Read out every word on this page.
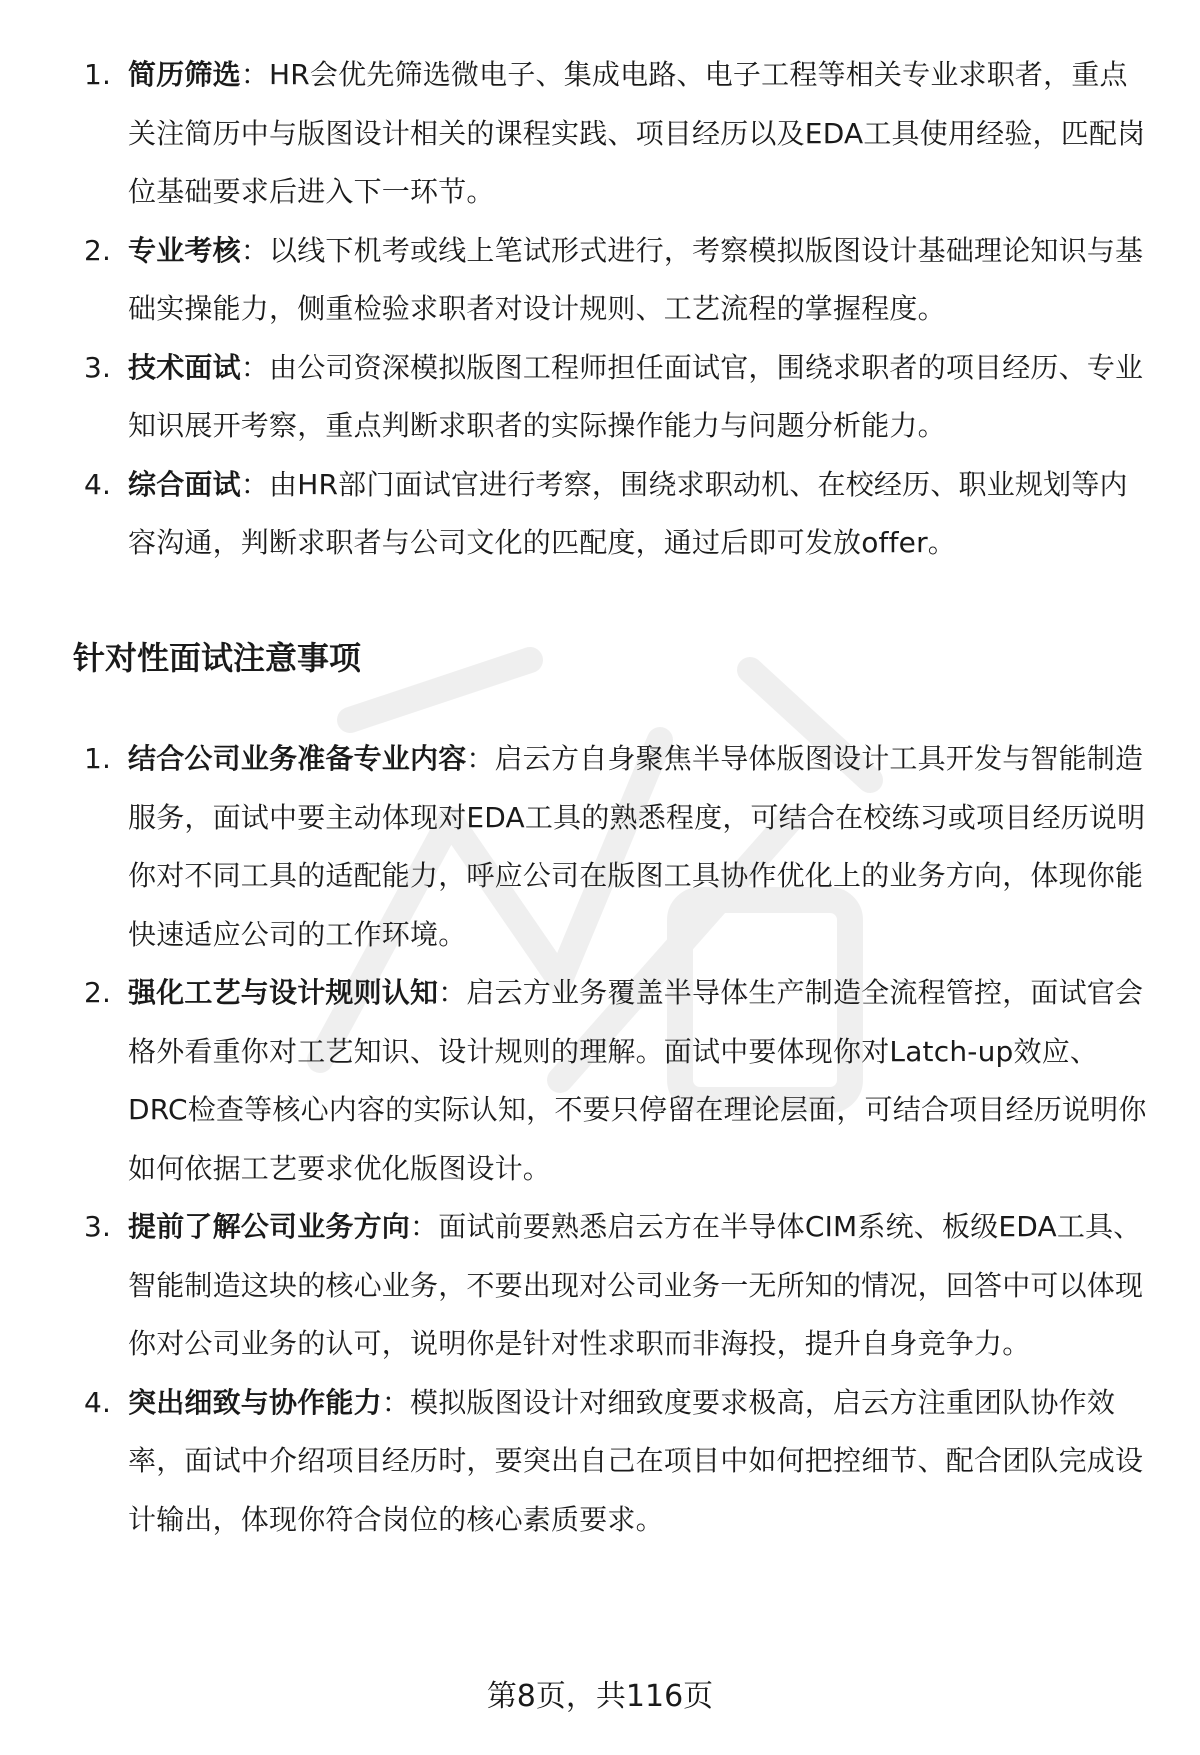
1. 简历筛选：HR会优先筛选微电子、集成电路、电子工程等相关专业求职者，重点关注简历中与版图设计相关的课程实践、项目经历以及EDA工具使用经验，匹配岗位基础要求后进入下一环节。
2. 专业考核：以线下机考或线上笔试形式进行，考察模拟版图设计基础理论知识与基础实操能力，侧重检验求职者对设计规则、工艺流程的掌握程度。
3. 技术面试：由公司资深模拟版图工程师担任面试官，围绕求职者的项目经历、专业知识展开考察，重点判断求职者的实际操作能力与问题分析能力。
4. 综合面试：由HR部门面试官进行考察，围绕求职动机、在校经历、职业规划等内容沟通，判断求职者与公司文化的匹配度，通过后即可发放offer。
针对性面试注意事项
1. 结合公司业务准备专业内容：启云方自身聚焦半导体版图设计工具开发与智能制造服务，面试中要主动体现对EDA工具的熟悉程度，可结合在校练习或项目经历说明你对不同工具的适配能力，呼应公司在版图工具协作优化上的业务方向，体现你能快速适应公司的工作环境。
2. 强化工艺与设计规则认知：启云方业务覆盖半导体生产制造全流程管控，面试官会格外看重你对工艺知识、设计规则的理解。面试中要体现你对Latch-up效应、DRC检查等核心内容的实际认知，不要只停留在理论层面，可结合项目经历说明你如何依据工艺要求优化版图设计。
3. 提前了解公司业务方向：面试前要熟悉启云方在半导体CIM系统、板级EDA工具、智能制造这块的核心业务，不要出现对公司业务一无所知的情况，回答中可以体现你对公司业务的认可，说明你是针对性求职而非海投，提升自身竞争力。
4. 突出细致与协作能力：模拟版图设计对细致度要求极高，启云方注重团队协作效率，面试中介绍项目经历时，要突出自己在项目中如何把控细节、配合团队完成设计输出，体现你符合岗位的核心素质要求。
第8页，共116页
